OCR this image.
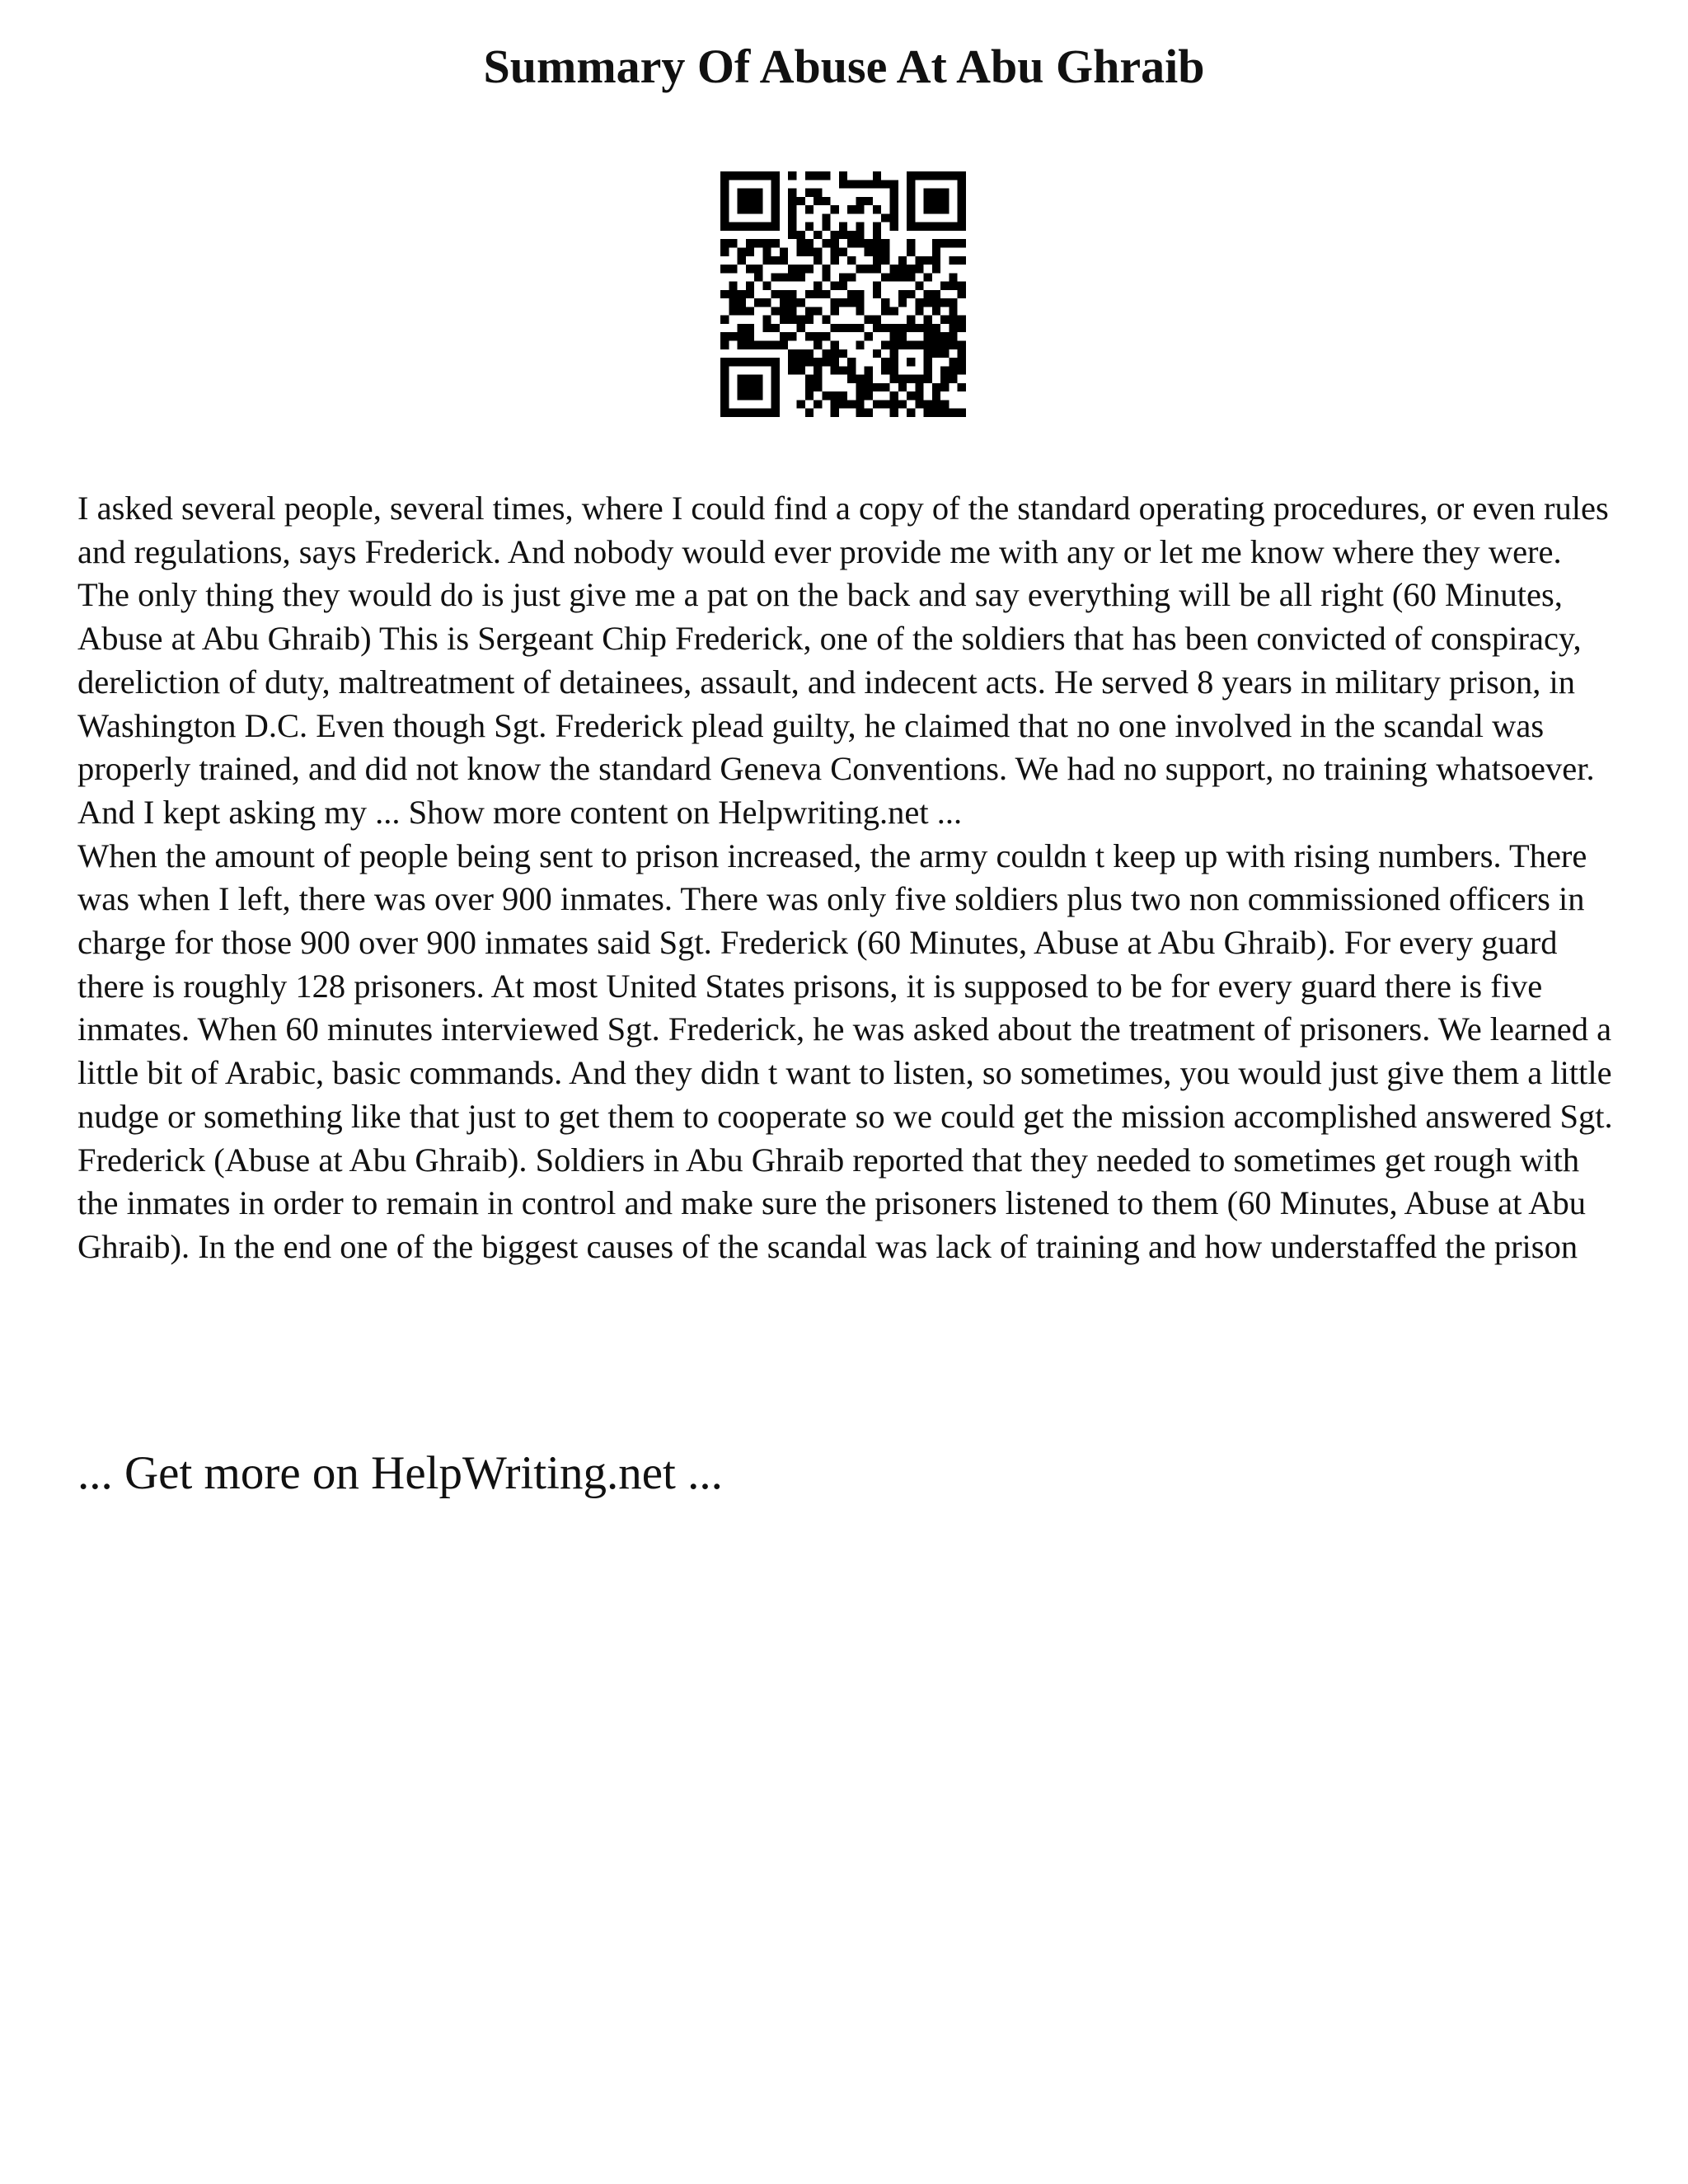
Summary Of Abuse At Abu Ghraib

I asked several people, several times, where I could find a copy of the standard operating procedures, or even rules and regulations, says Frederick. And nobody would ever provide me with any or let me know where they were. The only thing they would do is just give me a pat on the back and say everything will be all right (60 Minutes, Abuse at Abu Ghraib) This is Sergeant Chip Frederick, one of the soldiers that has been convicted of conspiracy, dereliction of duty, maltreatment of detainees, assault, and indecent acts. He served 8 years in military prison, in Washington D.C. Even though Sgt. Frederick plead guilty, he claimed that no one involved in the scandal was properly trained, and did not know the standard Geneva Conventions. We had no support, no training whatsoever. And I kept asking my ... Show more content on Helpwriting.net ...

When the amount of people being sent to prison increased, the army couldn t keep up with rising numbers. There was when I left, there was over 900 inmates. There was only five soldiers plus two non commissioned officers in charge for those 900 over 900 inmates said Sgt. Frederick (60 Minutes, Abuse at Abu Ghraib). For every guard there is roughly 128 prisoners. At most United States prisons, it is supposed to be for every guard there is five inmates. When 60 minutes interviewed Sgt. Frederick, he was asked about the treatment of prisoners. We learned a little bit of Arabic, basic commands. And they didn t want to listen, so sometimes, you would just give them a little nudge or something like that just to get them to cooperate so we could get the mission accomplished answered Sgt. Frederick (Abuse at Abu Ghraib). Soldiers in Abu Ghraib reported that they needed to sometimes get rough with the inmates in order to remain in control and make sure the prisoners listened to them (60 Minutes, Abuse at Abu Ghraib). In the end one of the biggest causes of the scandal was lack of training and how understaffed the prison

... Get more on HelpWriting.net ...
